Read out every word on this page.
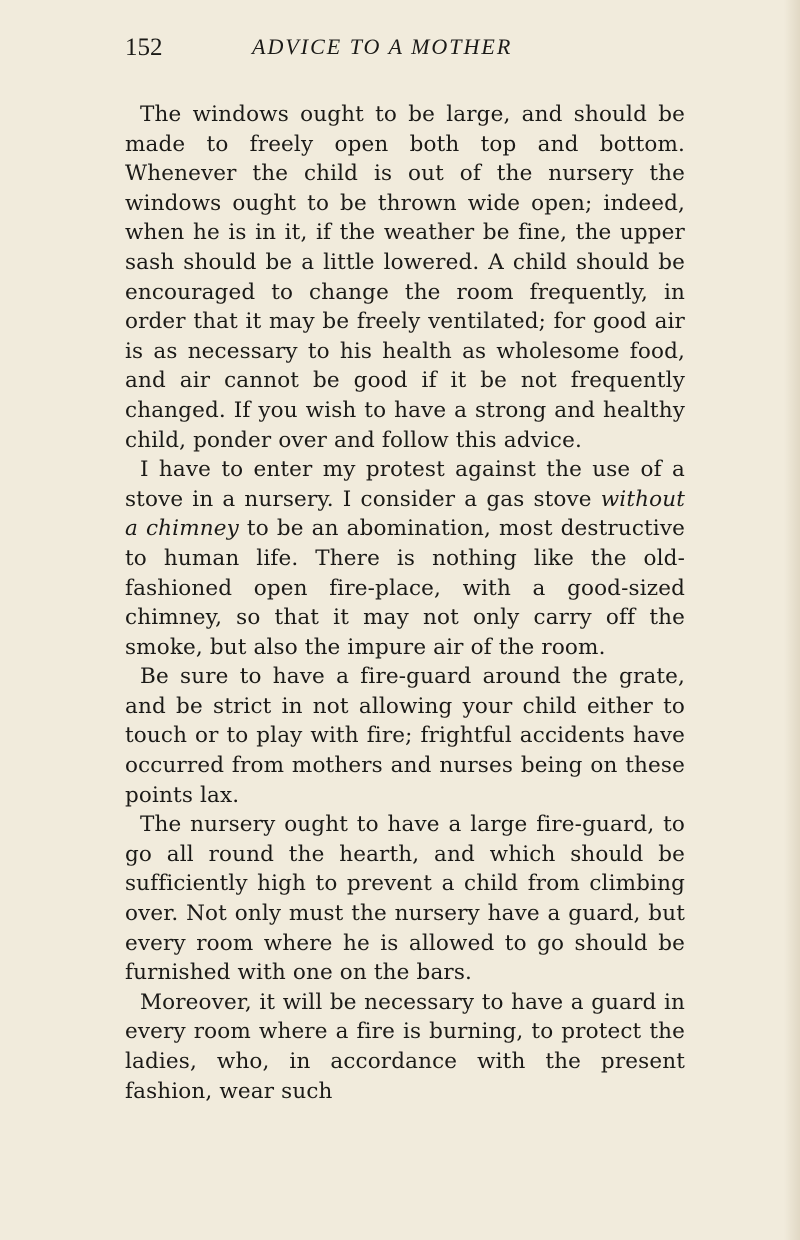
152	ADVICE TO A MOTHER

The windows ought to be large, and should be made to freely open both top and bottom. Whenever the child is out of the nursery the windows ought to be thrown wide open; indeed, when he is in it, if the weather be fine, the upper sash should be a little lowered. A child should be encouraged to change the room frequently, in order that it may be freely ventilated; for good air is as necessary to his health as wholesome food, and air cannot be good if it be not frequently changed. If you wish to have a strong and healthy child, ponder over and follow this advice.

I have to enter my protest against the use of a stove in a nursery. I consider a gas stove without a chimney to be an abomination, most destructive to human life. There is nothing like the old-fashioned open fire-place, with a good-sized chimney, so that it may not only carry off the smoke, but also the impure air of the room.

Be sure to have a fire-guard around the grate, and be strict in not allowing your child either to touch or to play with fire; frightful accidents have occurred from mothers and nurses being on these points lax.

The nursery ought to have a large fire-guard, to go all round the hearth, and which should be sufficiently high to prevent a child from climbing over. Not only must the nursery have a guard, but every room where he is allowed to go should be furnished with one on the bars.

Moreover, it will be necessary to have a guard in every room where a fire is burning, to protect the ladies, who, in accordance with the present fashion, wear such
